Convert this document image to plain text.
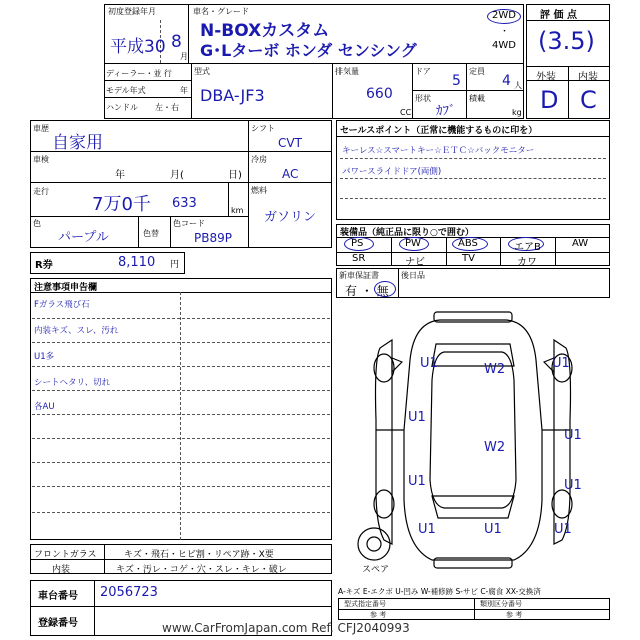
初度登録年月
平成30 8
月
車名・グレード
N-BOXカスタム
G･Lターボ ホンダ センシング
2WD
・
4WD
評 価 点
(3.5)
ディーラー・並 行
モデル年式	年
ハンドル 左・右
型式
DBA-JF3
排気量
660
CC
ドア
5
定員
4 人
形状
ｶﾌﾞ
積載
kg
外装 内装
D C
車歴
自家用
車検
年	月(	日)
走行
7万0千 633	km
色
パープル	色替
色コード
PB89P
シフト
CVT
冷房
AC
燃料
ガソリン
R券	8,110 円
セールスポイント（正常に機能するものに印を）
キーレス☆スマートキー☆ＥＴＣ☆バックモニター
パワースライドドア(両側)
装備品（純正品に限り○で囲む）
PS	PW	ABS	エアB	AW
SR	ナビ	TV	カワ
新車保証書
有 ・ 無
後日品
注意事項申告欄
Fガラス飛び石
内装キズ、スレ、汚れ
U1多
シートヘタリ、切れ
各AU
フロントガラス	キズ・飛石・ヒビ割・リペア跡・X要
内装	キズ・汚レ・コゲ・穴・スレ・キレ・破レ
車台番号 2056723
登録番号
U1	W2	U1
U1
U1
W2
U1	U1
U1	U1	U1
スペア
A-キズ E-エクボ U-凹み W-補修跡 S-サビ C-腐食 XX-交換済
型式指定番号
参 考
類別区分番号
参 考
www.CarFromJapan.com Ref. CFJ2040993
